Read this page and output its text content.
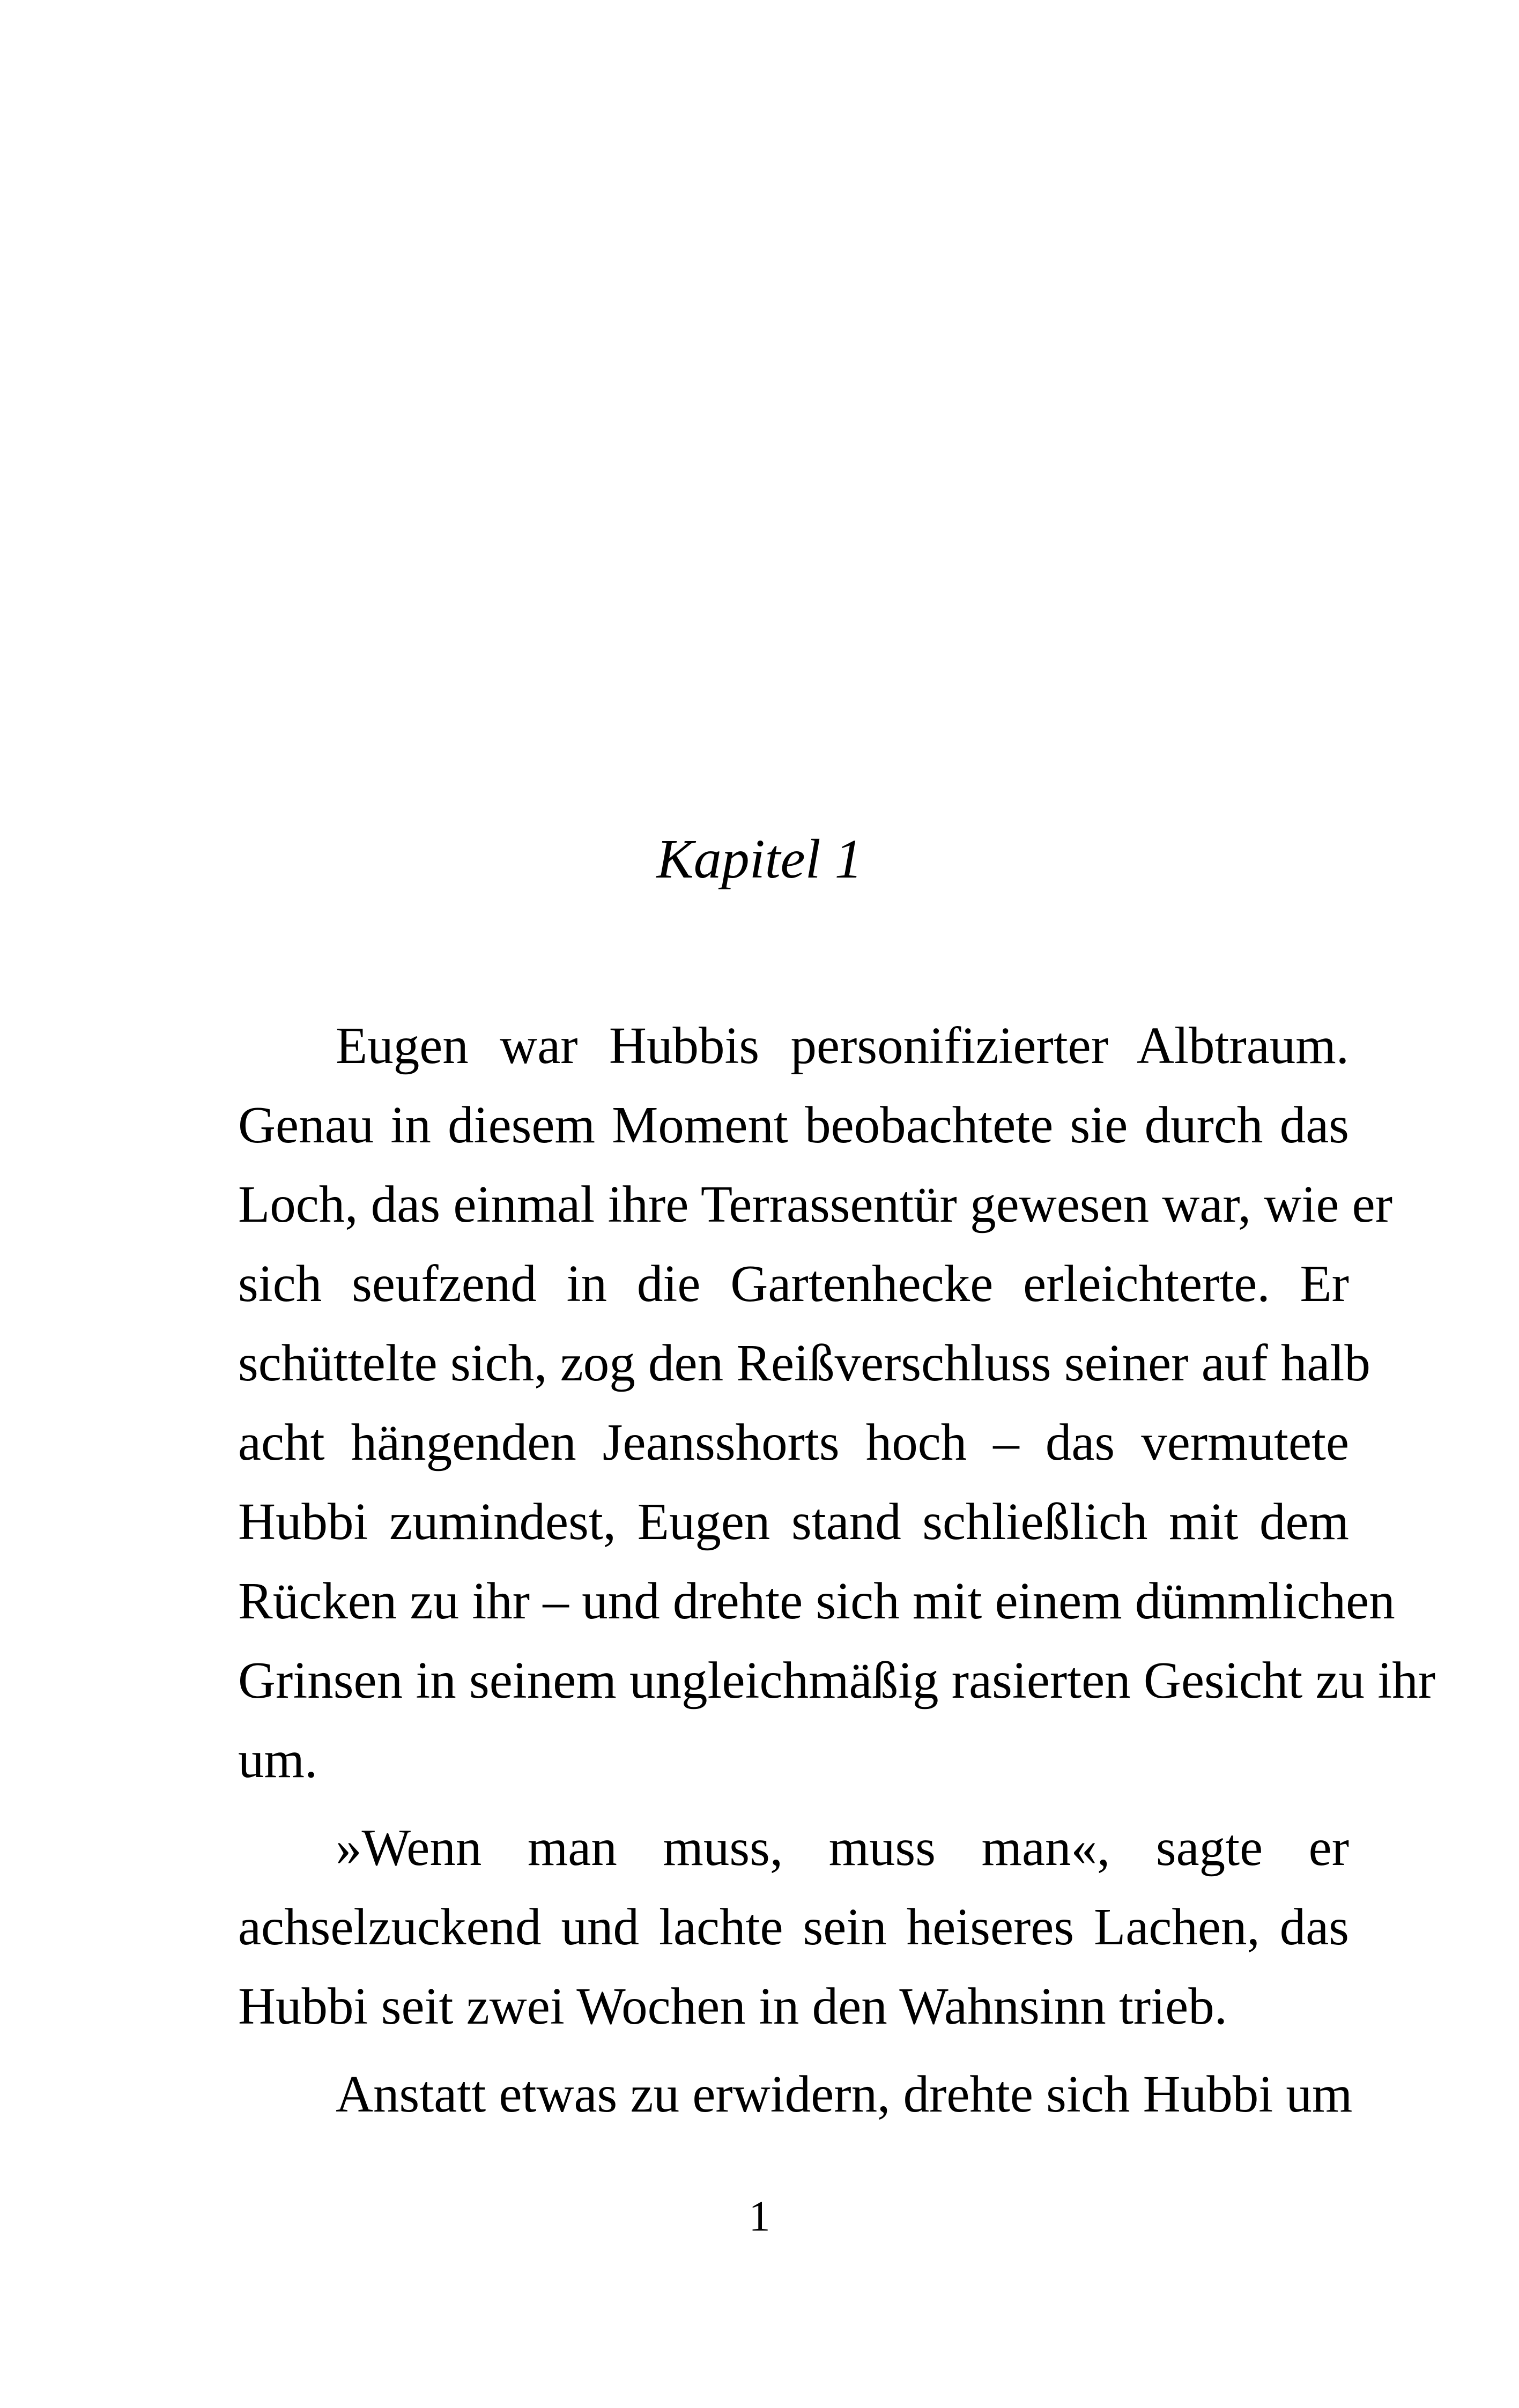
Kapitel 1
Eugen war Hubbis personifizierter Albtraum.
Genau in diesem Moment beobachtete sie durch das
Loch, das einmal ihre Terrassentür gewesen war, wie er
sich seufzend in die Gartenhecke erleichterte. Er
schüttelte sich, zog den Reißverschluss seiner auf halb
acht hängenden Jeansshorts hoch – das vermutete
Hubbi zumindest, Eugen stand schließlich mit dem
Rücken zu ihr – und drehte sich mit einem dümmlichen
Grinsen in seinem ungleichmäßig rasierten Gesicht zu ihr
um.
»Wenn man muss, muss man«, sagte er
achselzuckend und lachte sein heiseres Lachen, das
Hubbi seit zwei Wochen in den Wahnsinn trieb.
Anstatt etwas zu erwidern, drehte sich Hubbi um
1
